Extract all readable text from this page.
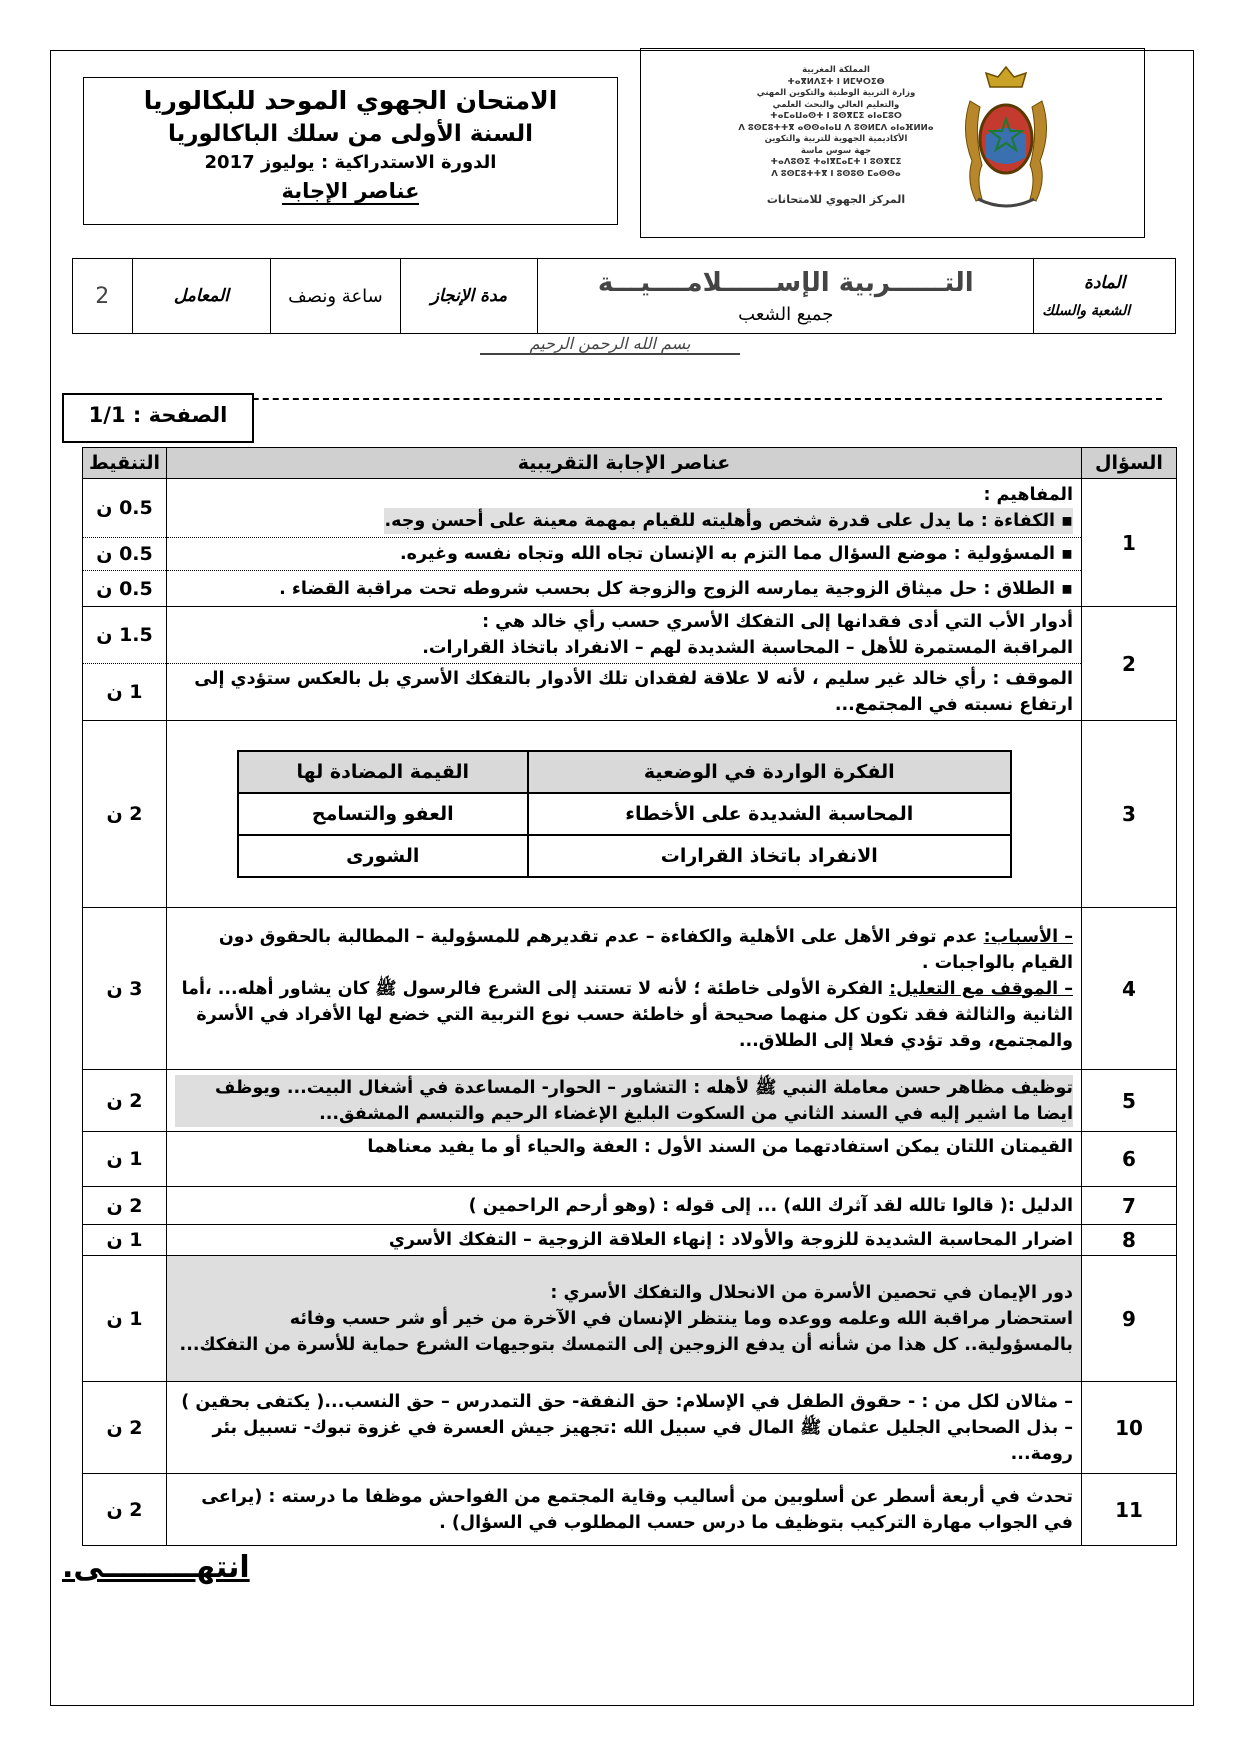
الامتحان الجهوي الموحد للبكالوريا
السنة الأولى من سلك الباكالوريا
الدورة الاستدراكية : يوليوز 2017
عناصر الإجابة
المملكة المغربية
ⵜⴰⴳⵍⴷⵉⵜ ⵏ ⵍⵎⵖⵔⵉⴱ
وزارة التربية الوطنية والتكوين المهني
والتعليم العالي والبحث العلمي
ⵜⴰⵎⴰⵡⴰⵙⵜ ⵏ ⵓⵙⴳⵎⵉ ⴰⵏⴰⵎⵓⵔ
ⴷ ⵓⵙⵎⵓⵜⵜⴳ ⴰⵙⵙⴰⵏⴰⵡ ⴷ ⵓⵙⵍⵎⴷ ⴰⵏⴰⴼⵍⵍⴰ
الأكاديمية الجهوية للتربية والتكوين
جهة سوس ماسة
ⵜⴰⴷⵓⵙⵉ ⵜⴰⵏⴳⵎⴰⵎⵜ ⵏ ⵓⵙⴳⵎⵉ
ⴷ ⵓⵙⵎⵓⵜⵜⴳ ⵏ ⵓⵙⵓⵙ ⵎⴰⵙⵙⴰ
المركز الجهوي للامتحانات
المادة
الشعبة والسلك

التــــــربية الإســــــلامــــيـــة
جميع الشعب
	مدة الإنجاز	ساعة ونصف	المعامل	2
بسم الله الرحمن الرحيم
الصفحة : 1/1
السؤال	عناصر الإجابة التقريبية	التنقيط
1	
المفاهيم :
▪ الكفاءة : ما يدل على قدرة شخص وأهليته للقيام بمهمة معينة على أحسن وجه.	0.5 ن
▪ المسؤولية : موضع السؤال مما التزم به الإنسان تجاه الله وتجاه نفسه وغيره.	0.5 ن
▪ الطلاق : حل ميثاق الزوجية يمارسه الزوج والزوجة كل بحسب شروطه تحت مراقبة القضاء .	0.5 ن
2	
أدوار الأب التي أدى فقدانها إلى التفكك الأسري حسب رأي خالد هي :
المراقبة المستمرة للأهل – المحاسبة الشديدة لهم – الانفراد باتخاذ القرارات.
	1.5 ن
الموقف : رأي خالد غير سليم ، لأنه لا علاقة لفقدان تلك الأدوار بالتفكك الأسري بل بالعكس ستؤدي إلى ارتفاع نسبته في المجتمع...	1 ن
3	
الفكرة الواردة في الوضعية	القيمة المضادة لها
المحاسبة الشديدة على الأخطاء	العفو والتسامح
الانفراد باتخاذ القرارات	الشورى
	2 ن
4	
– الأسباب: عدم توفر الأهل على الأهلية والكفاءة – عدم تقديرهم للمسؤولية – المطالبة بالحقوق دون القيام بالواجبات .
– الموقف مع التعليل: الفكرة الأولى خاطئة ؛ لأنه لا تستند إلى الشرع فالرسول ﷺ كان يشاور أهله... ،أما الثانية والثالثة فقد تكون كل منهما صحيحة أو خاطئة حسب نوع التربية التي خضع لها الأفراد في الأسرة والمجتمع، وقد تؤدي فعلا إلى الطلاق...
	3 ن
5	
توظيف مظاهر حسن معاملة النبي ﷺ لأهله : التشاور – الحوار- المساعدة في أشغال البيت... ويوظف ايضا ما اشير إليه في السند الثاني من السكوت البليغ الإغضاء الرحيم والتبسم المشفق...
	2 ن
6	القيمتان اللتان يمكن استفادتهما من السند الأول : العفة والحياء أو ما يفيد معناهما	1 ن
7	الدليل :( قالوا تالله لقد آثرك الله) ... إلى قوله : (وهو أرحم الراحمين )	2 ن
8	اضرار المحاسبة الشديدة للزوجة والأولاد : إنهاء العلاقة الزوجية – التفكك الأسري	1 ن
9	
دور الإيمان في تحصين الأسرة من الانحلال والتفكك الأسري :
استحضار مراقبة الله وعلمه ووعده وما ينتظر الإنسان في الآخرة من خير أو شر حسب وفائه بالمسؤولية.. كل هذا من شأنه أن يدفع الزوجين إلى التمسك بتوجيهات الشرع حماية للأسرة من التفكك...
	1 ن
10	
– مثالان لكل من : - حقوق الطفل في الإسلام: حق النفقة- حق التمدرس – حق النسب...( يكتفى بحقين )
– بذل الصحابي الجليل عثمان ﷺ المال في سبيل الله :تجهيز جيش العسرة في غزوة تبوك- تسبيل بئر رومة...
	2 ن
11	تحدث في أربعة أسطر عن أسلوبين من أساليب وقاية المجتمع من الفواحش موظفا ما درسته : (يراعى في الجواب مهارة التركيب بتوظيف ما درس حسب المطلوب في السؤال) .	2 ن
انتهـــــــــى.
